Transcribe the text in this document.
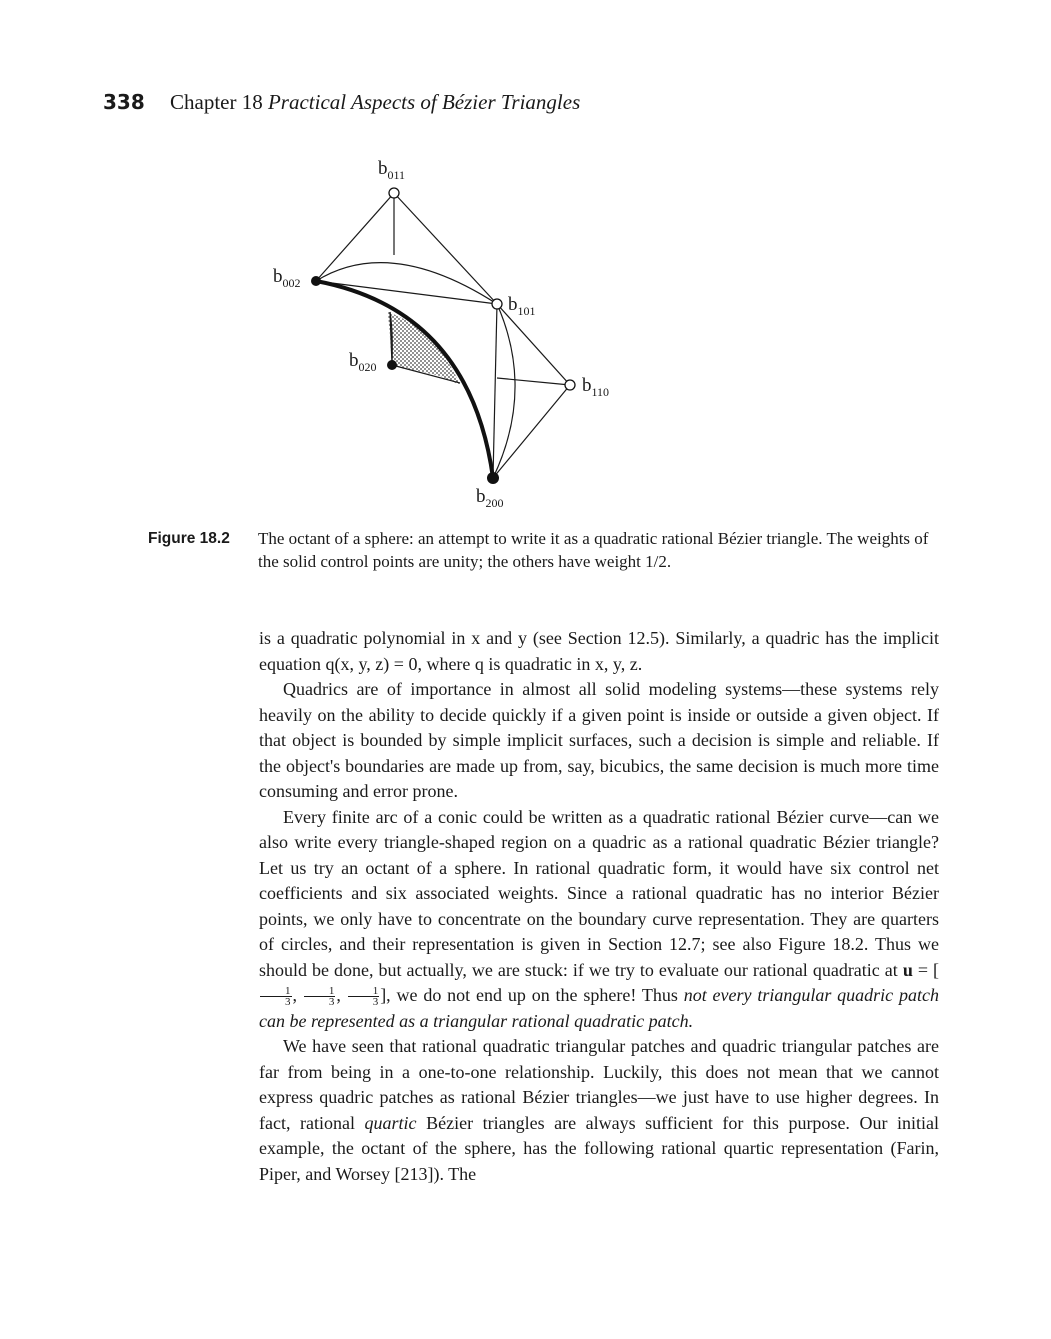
338 Chapter 18 Practical Aspects of Bézier Triangles
$b_{011}$
$b_{002}$
$b_{101}$
$b_{020}$
$b_{110}$
$b_{200}$
Figure 18.2 The octant of a sphere: an attempt to write it as a quadratic rational Bézier triangle. The weights of the solid control points are unity; the others have weight 1/2.

is a quadratic polynomial in x and y (see Section 12.5). Similarly, a quadric has the implicit equation q(x, y, z) = 0, where q is quadratic in x, y, z.

Quadrics are of importance in almost all solid modeling systems—these systems rely heavily on the ability to decide quickly if a given point is inside or outside a given object. If that object is bounded by simple implicit surfaces, such a decision is simple and reliable. If the object's boundaries are made up from, say, bicubics, the same decision is much more time consuming and error prone.

Every finite arc of a conic could be written as a quadratic rational Bézier curve—can we also write every triangle-shaped region on a quadric as a rational quadratic Bézier triangle? Let us try an octant of a sphere. In rational quadratic form, it would have six control net coefficients and six associated weights. Since a rational quadratic has no interior Bézier points, we only have to concentrate on the boundary curve representation. They are quarters of circles, and their representation is given in Section 12.7; see also Figure 18.2. Thus we should be done, but actually, we are stuck: if we try to evaluate our rational quadratic at u = [
$\frac{1}{3}$ , $\frac{1}{3}$ , $\frac{1}{3}$ ], we do not end up on the sphere! Thus not every triangular quadric patch can be represented as a triangular rational quadratic patch.

We have seen that rational quadratic triangular patches and quadric triangular patches are far from being in a one-to-one relationship. Luckily, this does not mean that we cannot express quadric patches as rational Bézier triangles—we just have to use higher degrees. In fact, rational quartic Bézier triangles are always sufficient for this purpose. Our initial example, the octant of the sphere, has the following rational quartic representation (Farin, Piper, and Worsey [213]). The
